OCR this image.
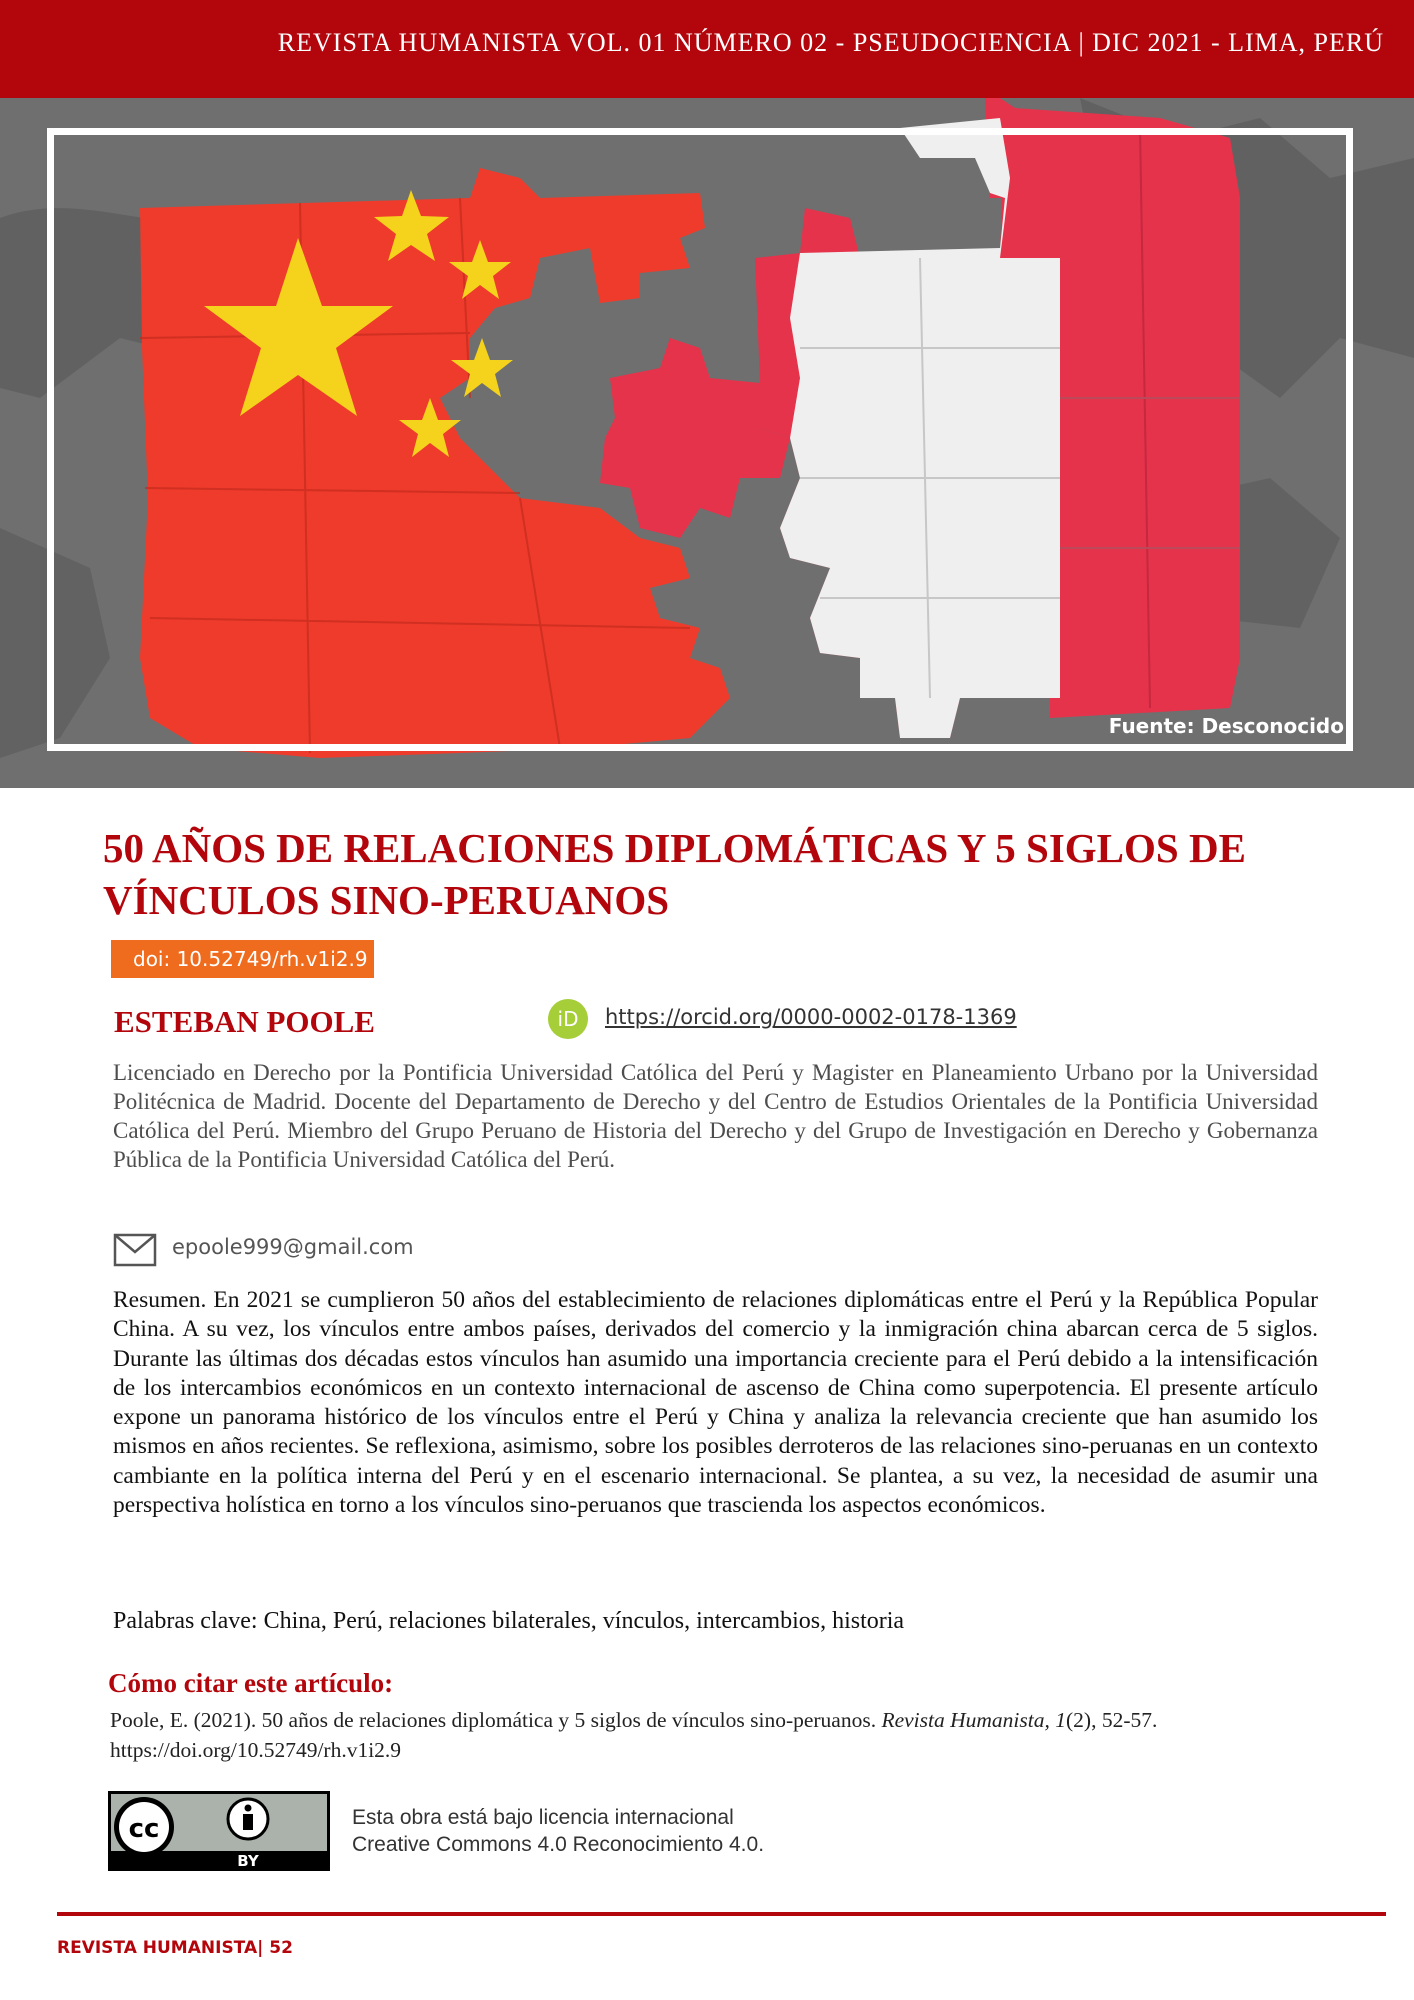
REVISTA HUMANISTA VOL. 01 NÚMERO 02 - PSEUDOCIENCIA | DIC 2021 - LIMA, PERÚ
Fuente: Desconocido
50 AÑOS DE RELACIONES DIPLOMÁTICAS Y 5 SIGLOS DE VÍNCULOS SINO-PERUANOS
doi: 10.52749/rh.v1i2.9
ESTEBAN POOLE	iD	https://orcid.org/0000-0002-0178-1369

Licenciado en Derecho por la Pontificia Universidad Católica del Perú y Magister en Planeamiento Urbano por la Universidad Politécnica de Madrid. Docente del Departamento de Derecho y del Centro de Estudios Orientales de la Pontificia Universidad Católica del Perú. Miembro del Grupo Peruano de Historia del Derecho y del Grupo de Investigación en Derecho y Gobernanza Pública de la Pontificia Universidad Católica del Perú.

epoole999@gmail.com

Resumen. En 2021 se cumplieron 50 años del establecimiento de relaciones diplomáticas entre el Perú y la República Popular China. A su vez, los vínculos entre ambos países, derivados del comercio y la inmigración china abarcan cerca de 5 siglos. Durante las últimas dos décadas estos vínculos han asumido una importancia creciente para el Perú debido a la intensificación de los intercambios económicos en un contexto internacional de ascenso de China como superpotencia. El presente artículo expone un panorama histórico de los vínculos entre el Perú y China y analiza la relevancia creciente que han asumido los mismos en años recientes. Se reflexiona, asimismo, sobre los posibles derroteros de las relaciones sino-peruanas en un contexto cambiante en la política interna del Perú y en el escenario internacional. Se plantea, a su vez, la necesidad de asumir una perspectiva holística en torno a los vínculos sino-peruanos que trascienda los aspectos económicos.

Palabras clave: China, Perú, relaciones bilaterales, vínculos, intercambios, historia
Cómo citar este artículo:

Poole, E. (2021). 50 años de relaciones diplomática y 5 siglos de vínculos sino-peruanos. Revista Humanista, 1(2), 52-57. https://doi.org/10.52749/rh.v1i2.9

cc
BY

Esta obra está bajo licencia internacional
Creative Commons 4.0 Reconocimiento 4.0.

REVISTA HUMANISTA| 52
